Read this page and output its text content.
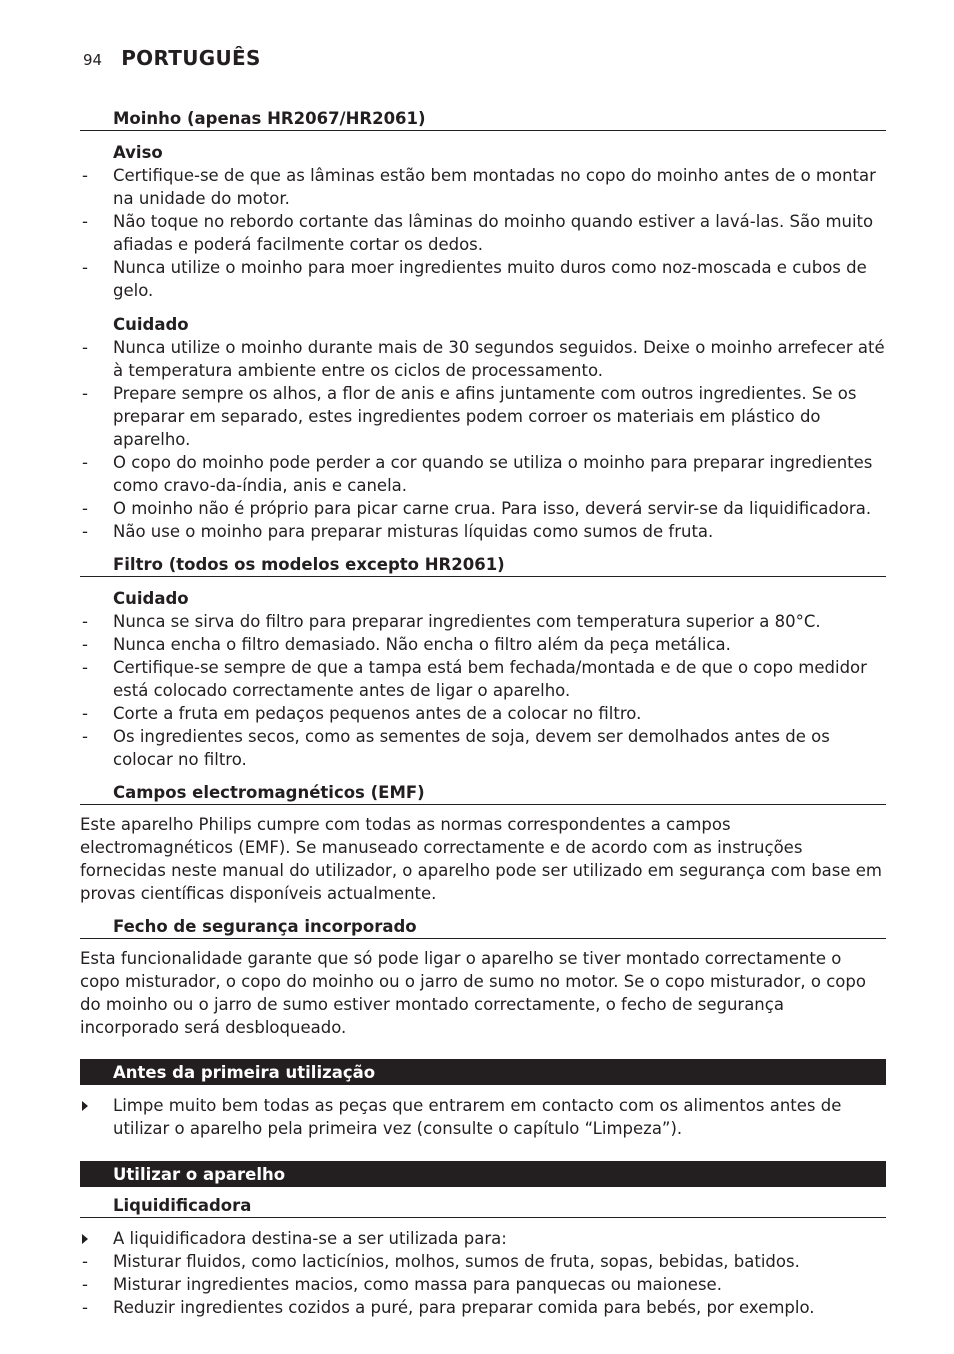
94 PORTUGUÊS
Moinho (apenas HR2067/HR2061)
Aviso
- Certifique-se de que as lâminas estão bem montadas no copo do moinho antes de o montar na unidade do motor.
- Não toque no rebordo cortante das lâminas do moinho quando estiver a lavá-las. São muito afiadas e poderá facilmente cortar os dedos.
- Nunca utilize o moinho para moer ingredientes muito duros como noz-moscada e cubos de gelo.
Cuidado
- Nunca utilize o moinho durante mais de 30 segundos seguidos. Deixe o moinho arrefecer até à temperatura ambiente entre os ciclos de processamento.
- Prepare sempre os alhos, a flor de anis e afins juntamente com outros ingredientes. Se os preparar em separado, estes ingredientes podem corroer os materiais em plástico do aparelho.
- O copo do moinho pode perder a cor quando se utiliza o moinho para preparar ingredientes como cravo-da-índia, anis e canela.
- O moinho não é próprio para picar carne crua. Para isso, deverá servir-se da liquidificadora.
- Não use o moinho para preparar misturas líquidas como sumos de fruta.
Filtro (todos os modelos excepto HR2061)
Cuidado
- Nunca se sirva do filtro para preparar ingredientes com temperatura superior a 80°C.
- Nunca encha o filtro demasiado. Não encha o filtro além da peça metálica.
- Certifique-se sempre de que a tampa está bem fechada/montada e de que o copo medidor está colocado correctamente antes de ligar o aparelho.
- Corte a fruta em pedaços pequenos antes de a colocar no filtro.
- Os ingredientes secos, como as sementes de soja, devem ser demolhados antes de os colocar no filtro.
Campos electromagnéticos (EMF)
Este aparelho Philips cumpre com todas as normas correspondentes a campos electromagnéticos (EMF). Se manuseado correctamente e de acordo com as instruções fornecidas neste manual do utilizador, o aparelho pode ser utilizado em segurança com base em provas científicas disponíveis actualmente.
Fecho de segurança incorporado
Esta funcionalidade garante que só pode ligar o aparelho se tiver montado correctamente o copo misturador, o copo do moinho ou o jarro de sumo no motor. Se o copo misturador, o copo do moinho ou o jarro de sumo estiver montado correctamente, o fecho de segurança incorporado será desbloqueado.
Antes da primeira utilização
Limpe muito bem todas as peças que entrarem em contacto com os alimentos antes de utilizar o aparelho pela primeira vez (consulte o capítulo “Limpeza”).
Utilizar o aparelho
Liquidificadora
A liquidificadora destina-se a ser utilizada para:
- Misturar fluidos, como lacticínios, molhos, sumos de fruta, sopas, bebidas, batidos.
- Misturar ingredientes macios, como massa para panquecas ou maionese.
- Reduzir ingredientes cozidos a puré, para preparar comida para bebés, por exemplo.
